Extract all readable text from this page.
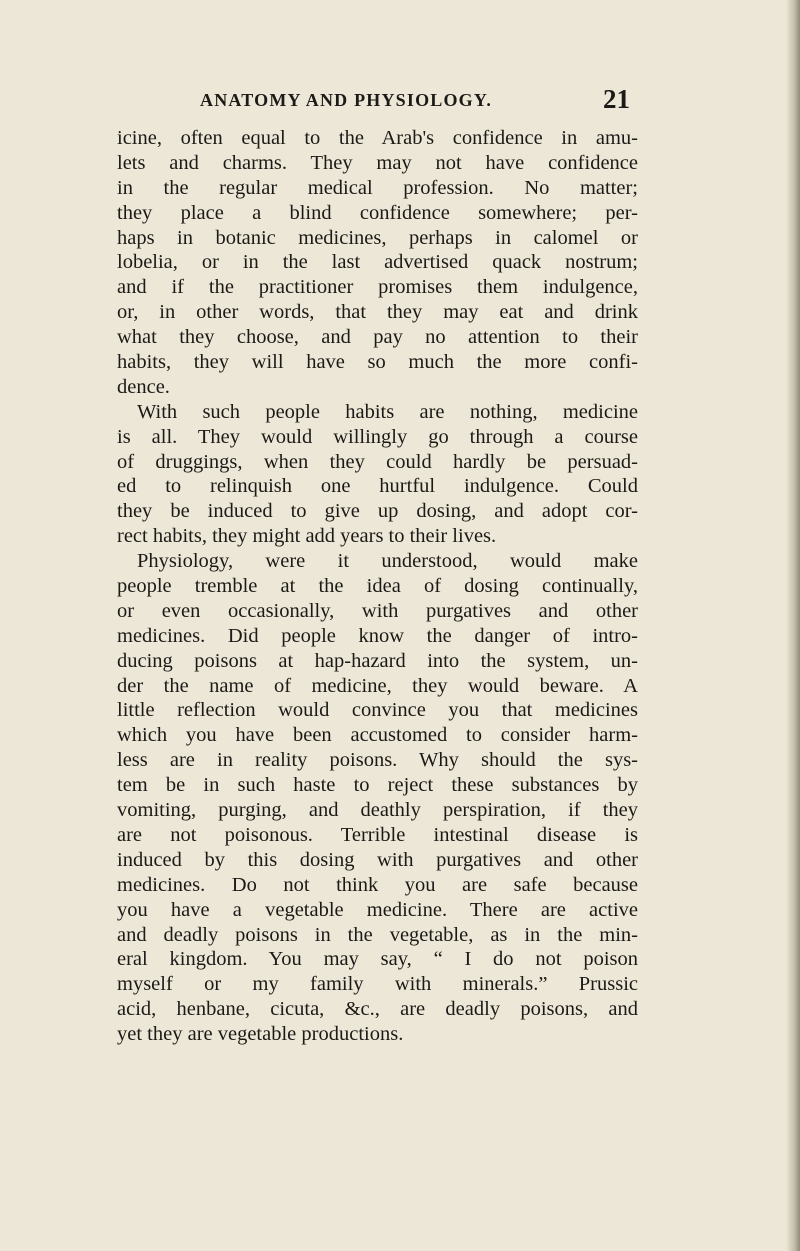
ANATOMY AND PHYSIOLOGY.	21
icine, often equal to the Arab's confidence in amu-
lets and charms. They may not have confidence
in the regular medical profession. No matter;
they place a blind confidence somewhere; per-
haps in botanic medicines, perhaps in calomel or
lobelia, or in the last advertised quack nostrum;
and if the practitioner promises them indulgence,
or, in other words, that they may eat and drink
what they choose, and pay no attention to their
habits, they will have so much the more confi-
dence.
With such people habits are nothing, medicine
is all. They would willingly go through a course
of druggings, when they could hardly be persuad-
ed to relinquish one hurtful indulgence. Could
they be induced to give up dosing, and adopt cor-
rect habits, they might add years to their lives.
Physiology, were it understood, would make
people tremble at the idea of dosing continually,
or even occasionally, with purgatives and other
medicines. Did people know the danger of intro-
ducing poisons at hap-hazard into the system, un-
der the name of medicine, they would beware. A
little reflection would convince you that medicines
which you have been accustomed to consider harm-
less are in reality poisons. Why should the sys-
tem be in such haste to reject these substances by
vomiting, purging, and deathly perspiration, if they
are not poisonous. Terrible intestinal disease is
induced by this dosing with purgatives and other
medicines. Do not think you are safe because
you have a vegetable medicine. There are active
and deadly poisons in the vegetable, as in the min-
eral kingdom. You may say, “ I do not poison
myself or my family with minerals.” Prussic
acid, henbane, cicuta, &c., are deadly poisons, and
yet they are vegetable productions.
